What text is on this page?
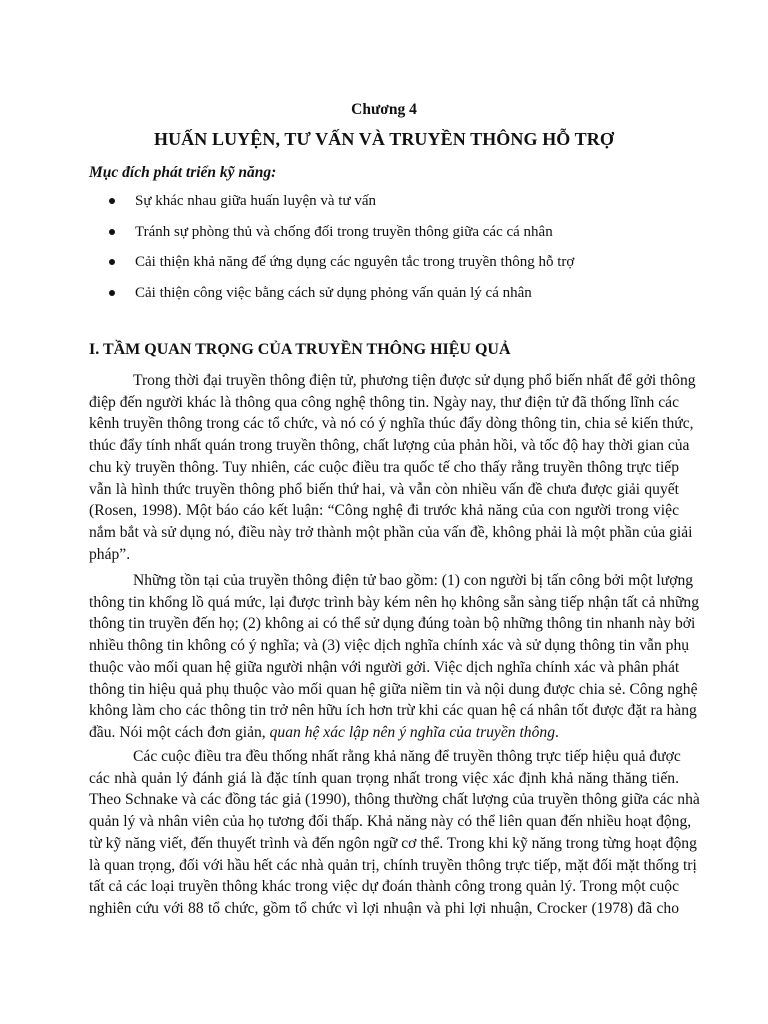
Chương 4
HUẤN LUYỆN, TƯ VẤN VÀ TRUYỀN THÔNG HỖ TRỢ
Mục đích phát triển kỹ năng:
Sự khác nhau giữa huấn luyện và tư vấn
Tránh sự phòng thủ và chống đối trong truyền thông giữa các cá nhân
Cải thiện khả năng để ứng dụng các nguyên tắc trong truyền thông hỗ trợ
Cải thiện công việc bằng cách sử dụng phỏng vấn quản lý cá nhân
I. TẦM QUAN TRỌNG CỦA TRUYỀN THÔNG HIỆU QUẢ
Trong thời đại truyền thông điện tử, phương tiện được sử dụng phổ biến nhất để gởi thông
điệp đến người khác là thông qua công nghệ thông tin. Ngày nay, thư điện tử đã thống lĩnh các
kênh truyền thông trong các tổ chức, và nó có ý nghĩa thúc đẩy dòng thông tin, chia sẻ kiến thức,
thúc đẩy tính nhất quán trong truyền thông, chất lượng của phản hồi, và tốc độ hay thời gian của
chu kỳ truyền thông. Tuy nhiên, các cuộc điều tra quốc tế cho thấy rằng truyền thông trực tiếp
vẫn là hình thức truyền thông phổ biến thứ hai, và vẫn còn nhiều vấn đề chưa được giải quyết
(Rosen, 1998). Một báo cáo kết luận: “Công nghệ đi trước khả năng của con người trong việc
nắm bắt và sử dụng nó, điều này trở thành một phần của vấn đề, không phải là một phần của giải
pháp”.
Những tồn tại của truyền thông điện tử bao gồm: (1) con người bị tấn công bởi một lượng
thông tin khổng lồ quá mức, lại được trình bày kém nên họ không sẵn sàng tiếp nhận tất cả những
thông tin truyền đến họ; (2) không ai có thể sử dụng đúng toàn bộ những thông tin nhanh này bởi
nhiều thông tin không có ý nghĩa; và (3) việc dịch nghĩa chính xác và sử dụng thông tin vẫn phụ
thuộc vào mối quan hệ giữa người nhận với người gởi. Việc dịch nghĩa chính xác và phân phát
thông tin hiệu quả phụ thuộc vào mối quan hệ giữa niềm tin và nội dung được chia sẻ. Công nghệ
không làm cho các thông tin trở nên hữu ích hơn trừ khi các quan hệ cá nhân tốt được đặt ra hàng
đầu. Nói một cách đơn giản, quan hệ xác lập nên ý nghĩa của truyền thông.
Các cuộc điều tra đều thống nhất rằng khả năng để truyền thông trực tiếp hiệu quả được
các nhà quản lý đánh giá là đặc tính quan trọng nhất trong việc xác định khả năng thăng tiến.
Theo Schnake và các đồng tác giả (1990), thông thường chất lượng của truyền thông giữa các nhà
quản lý và nhân viên của họ tương đối thấp. Khả năng này có thể liên quan đến nhiều hoạt động,
từ kỹ năng viết, đến thuyết trình và đến ngôn ngữ cơ thể. Trong khi kỹ năng trong từng hoạt động
là quan trọng, đối với hầu hết các nhà quản trị, chính truyền thông trực tiếp, mặt đối mặt thống trị
tất cả các loại truyền thông khác trong việc dự đoán thành công trong quản lý. Trong một cuộc
nghiên cứu với 88 tổ chức, gồm tổ chức vì lợi nhuận và phi lợi nhuận, Crocker (1978) đã cho
